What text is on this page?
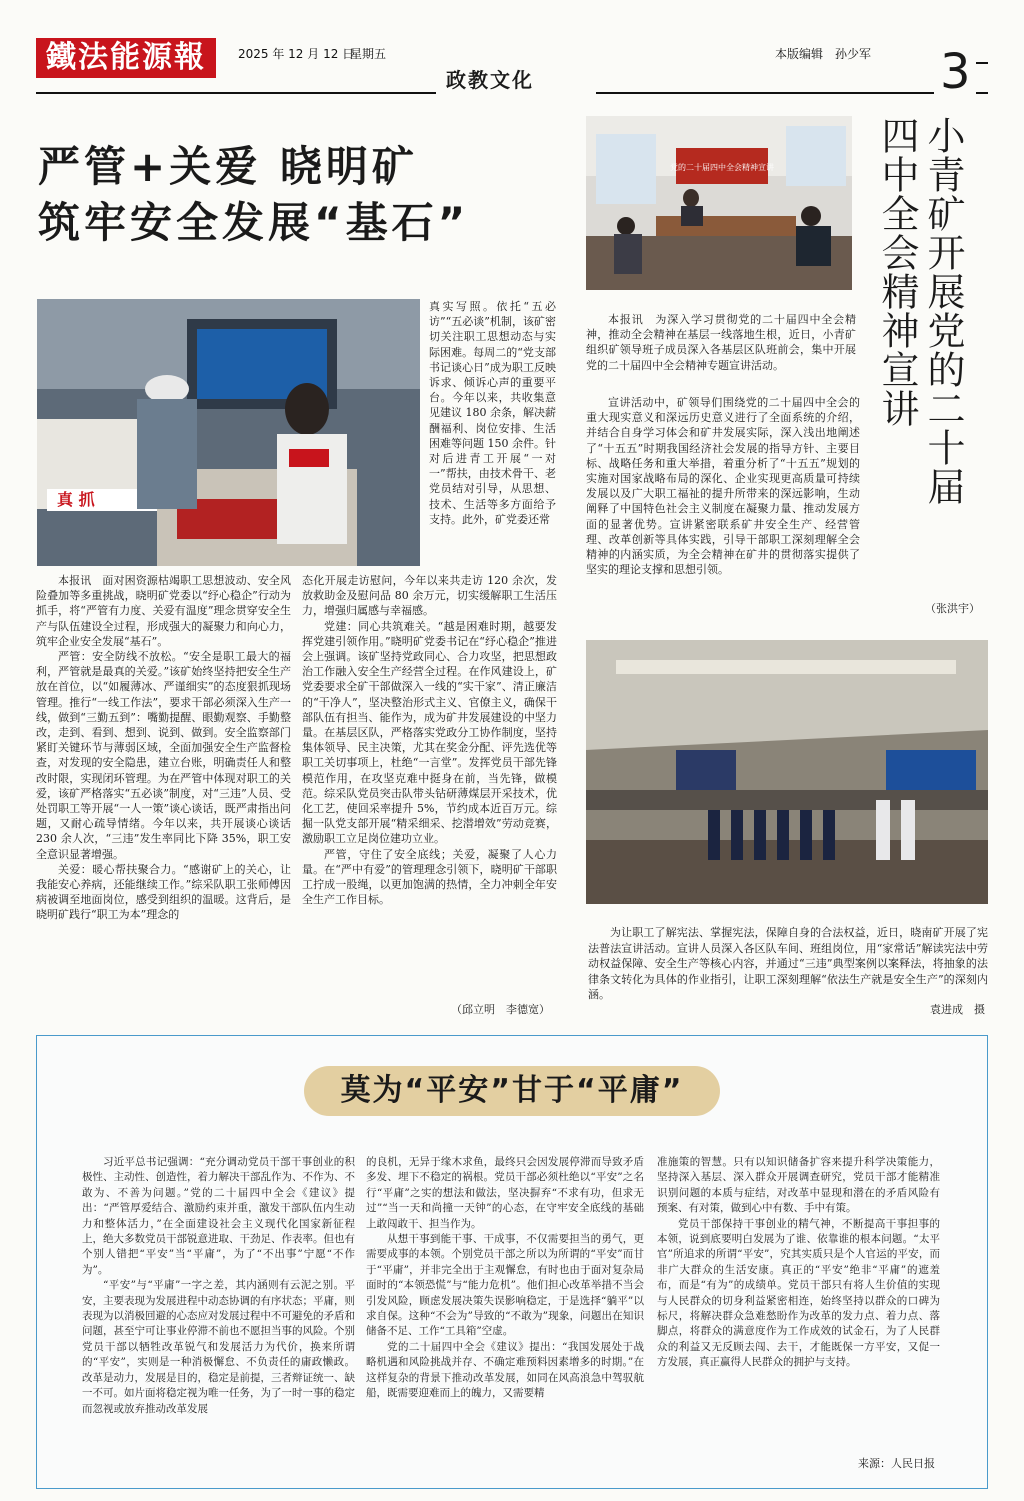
鐵法能源報	2025 年 12 月 12 日
星期五	本版编辑　孙少军
政教文化	3
严管+关爱 晓明矿
筑牢安全发展“基石”
真 抓

真实写照。依托“五必访”“五必谈”机制，该矿密切关注职工思想动态与实际困难。每周二的“党支部书记谈心日”成为职工反映诉求、倾诉心声的重要平台。今年以来，共收集意见建议 180 余条，解决薪酬福利、岗位安排、生活困难等问题 150 余件。针对后进青工开展“一对一”帮扶，由技术骨干、老党员结对引导，从思想、技术、生活等多方面给予支持。此外，矿党委还常

本报讯　面对困资源枯竭职工思想波动、安全风险叠加等多重挑战，晓明矿党委以“纾心稳企”行动为抓手，将“严管有力度、关爱有温度”理念贯穿安全生产与队伍建设全过程，形成强大的凝聚力和向心力，筑牢企业安全发展“基石”。

严管：安全防线不放松。“安全是职工最大的福利，严管就是最真的关爱。”该矿始终坚持把安全生产放在首位，以“如履薄冰、严谨细实”的态度狠抓现场管理。推行“一线工作法”，要求干部必须深入生产一线，做到“三勤五到”：嘴勤提醒、眼勤观察、手勤整改，走到、看到、想到、说到、做到。安全监察部门紧盯关键环节与薄弱区域，全面加强安全生产监督检查，对发现的安全隐患，建立台账，明确责任人和整改时限，实现闭环管理。为在严管中体现对职工的关爱，该矿严格落实“五必谈”制度，对“三违”人员、受处罚职工等开展“一人一策”谈心谈话，既严肃指出问题，又耐心疏导情绪。今年以来，共开展谈心谈话 230 余人次，“三违”发生率同比下降 35%，职工安全意识显著增强。

关爱：暖心帮扶聚合力。“感谢矿上的关心，让我能安心养病，还能继续工作。”综采队职工张师傅因病被调至地面岗位，感受到组织的温暖。这背后，是晓明矿践行“职工为本”理念的

态化开展走访慰问，今年以来共走访 120 余次，发放救助金及慰问品 80 余万元，切实缓解职工生活压力，增强归属感与幸福感。

党建：同心共筑难关。“越是困难时期，越要发挥党建引领作用。”晓明矿党委书记在“纾心稳企”推进会上强调。该矿坚持党政同心、合力攻坚，把思想政治工作融入安全生产经营全过程。在作风建设上，矿党委要求全矿干部做深入一线的“实干家”、清正廉洁的“干净人”，坚决整治形式主义、官僚主义，确保干部队伍有担当、能作为，成为矿井发展建设的中坚力量。在基层区队，严格落实党政分工协作制度，坚持集体领导、民主决策，尤其在奖金分配、评先选优等职工关切事项上，杜绝“一言堂”。发挥党员干部先锋模范作用，在攻坚克难中挺身在前，当先锋，做模范。综采队党员突击队带头钻研薄煤层开采技术，优化工艺，使回采率提升 5%，节约成本近百万元。综掘一队党支部开展“精采细采、挖潜增效”劳动竞赛，激励职工立足岗位建功立业。

严管，守住了安全底线；关爱，凝聚了人心力量。在“严中有爱”的管理理念引领下，晓明矿干部职工拧成一股绳，以更加饱满的热情，全力冲刺全年安全生产工作目标。

（邱立明　李德宽）
党的二十届四中全会精神宣讲	小青矿开展党的二十届四中全会精神宣讲

本报讯　为深入学习贯彻党的二十届四中全会精神，推动全会精神在基层一线落地生根，近日，小青矿组织矿领导班子成员深入各基层区队班前会，集中开展党的二十届四中全会精神专题宣讲活动。

宣讲活动中，矿领导们围绕党的二十届四中全会的重大现实意义和深远历史意义进行了全面系统的介绍，并结合自身学习体会和矿井发展实际，深入浅出地阐述了“十五五”时期我国经济社会发展的指导方针、主要目标、战略任务和重大举措，着重分析了“十五五”规划的实施对国家战略布局的深化、企业实现更高质量可持续发展以及广大职工福祉的提升所带来的深远影响，生动阐释了中国特色社会主义制度在凝聚力量、推动发展方面的显著优势。宣讲紧密联系矿井安全生产、经营管理、改革创新等具体实践，引导干部职工深刻理解全会精神的内涵实质，为全会精神在矿井的贯彻落实提供了坚实的理论支撑和思想引领。

（张洪宇）
为让职工了解宪法、掌握宪法，保障自身的合法权益，近日，晓南矿开展了宪法普法宣讲活动。宣讲人员深入各区队车间、班组岗位，用“家常话”解读宪法中劳动权益保障、安全生产等核心内容，并通过“三违”典型案例以案释法，将抽象的法律条文转化为具体的作业指引，让职工深刻理解“依法生产就是安全生产”的深刻内涵。
袁进成　摄
莫为“平安”甘于“平庸”

习近平总书记强调：“充分调动党员干部干事创业的积极性、主动性、创造性，着力解决干部乱作为、不作为、不敢为、不善为问题。”党的二十届四中全会《建议》提出：“严管厚爱结合、激励约束并重，激发干部队伍内生动力和整体活力，”在全面建设社会主义现代化国家新征程上，绝大多数党员干部锐意进取、干劲足、作表率。但也有个别人错把“平安”当“平庸”，为了“不出事”宁愿“不作为”。

“平安”与“平庸”一字之差，其内涵则有云泥之别。平安，主要表现为发展进程中动态协调的有序状态；平庸，则表现为以消极回避的心态应对发展过程中不可避免的矛盾和问题，甚至宁可让事业停滞不前也不愿担当事的风险。个别党员干部以牺牲改革锐气和发展活力为代价，换来所谓的“平安”，实则是一种消极懈怠、不负责任的庸政懒政。改革是动力，发展是目的，稳定是前提，三者辩证统一、缺一不可。如片面将稳定视为唯一任务，为了一时一事的稳定而忽视或放弃推动改革发展

的良机，无异于缘木求鱼，最终只会因发展停滞而导致矛盾多发、埋下不稳定的祸根。党员干部必须杜绝以“平安”之名行“平庸”之实的想法和做法，坚决摒弃“不求有功，但求无过”“当一天和尚撞一天钟”的心态，在守牢安全底线的基础上敢闯敢干、担当作为。

从想干事到能干事、干成事，不仅需要担当的勇气，更需要成事的本领。个别党员干部之所以为所谓的“平安”而甘于“平庸”，并非完全出于主观懈怠，有时也由于面对复杂局面时的“本领恐慌”与“能力危机”。他们担心改革举措不当会引发风险，顾虑发展决策失误影响稳定，于是选择“躺平”以求自保。这种“不会为”导致的“不敢为”现象，问题出在知识储备不足、工作“工具箱”空虚。

党的二十届四中全会《建议》提出：“我国发展处于战略机遇和风险挑战并存、不确定难预料因素增多的时期。”在这样复杂的背景下推动改革发展，如同在风高浪急中驾驭航船，既需要迎难而上的魄力，又需要精

准施策的智慧。只有以知识储备扩容来提升科学决策能力，坚持深入基层、深入群众开展调查研究，党员干部才能精准识别问题的本质与症结，对改革中显现和潜在的矛盾风险有预案、有对策，做到心中有数、手中有策。

党员干部保持干事创业的精气神，不断提高干事担事的本领，说到底要明白发展为了谁、依靠谁的根本问题。“太平官”所追求的所谓“平安”，究其实质只是个人官运的平安，而非广大群众的生活安康。真正的“平安”绝非“平庸”的遮羞布，而是“有为”的成绩单。党员干部只有将人生价值的实现与人民群众的切身利益紧密相连，始终坚持以群众的口碑为标尺，将解决群众急难愁盼作为改革的发力点、着力点、落脚点，将群众的满意度作为工作成效的试金石，为了人民群众的利益又无反顾去闯、去干，才能既保一方平安，又促一方发展，真正赢得人民群众的拥护与支持。

来源：人民日报
